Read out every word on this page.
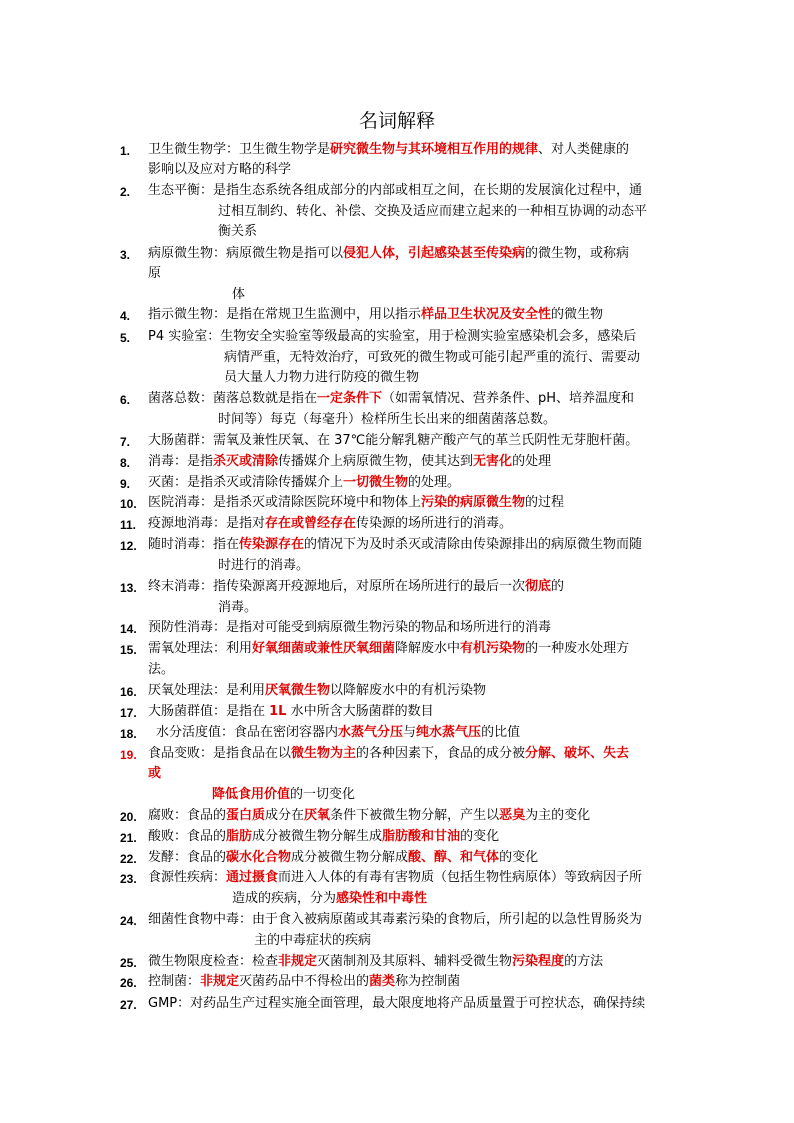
名词解释
1.	卫生微生物学：卫生微生物学是研究微生物与其环境相互作用的规律、对人类健康的
影响以及应对方略的科学
2.	生态平衡：是指生态系统各组成部分的内部或相互之间，在长期的发展演化过程中，通
过相互制约、转化、补偿、交换及适应而建立起来的一种相互协调的动态平
衡关系
3.	病原微生物：病原微生物是指可以侵犯人体，引起感染甚至传染病的微生物，或称病
原
体
4.	指示微生物：是指在常规卫生监测中，用以指示样品卫生状况及安全性的微生物
5.	P4 实验室：生物安全实验室等级最高的实验室，用于检测实验室感染机会多，感染后
病情严重，无特效治疗，可致死的微生物或可能引起严重的流行、需要动
员大量人力物力进行防疫的微生物
6.	菌落总数：菌落总数就是指在一定条件下（如需氧情况、营养条件、pH、培养温度和
时间等）每克（每毫升）检样所生长出来的细菌菌落总数。
7.	大肠菌群：需氧及兼性厌氧、在 37℃能分解乳糖产酸产气的革兰氏阴性无芽胞杆菌。
8.	消毒：是指杀灭或清除传播媒介上病原微生物，使其达到无害化的处理
9.	灭菌：是指杀灭或清除传播媒介上一切微生物的处理。
10. 医院消毒：是指杀灭或清除医院环境中和物体上污染的病原微生物的过程
11. 疫源地消毒：是指对存在或曾经存在传染源的场所进行的消毒。
12. 随时消毒：指在传染源存在的情况下为及时杀灭或清除由传染源排出的病原微生物而随
时进行的消毒。
13. 终末消毒：指传染源离开疫源地后，对原所在场所进行的最后一次彻底的
消毒。
14. 预防性消毒：是指对可能受到病原微生物污染的物品和场所进行的消毒
15. 需氧处理法：利用好氧细菌或兼性厌氧细菌降解废水中有机污染物的一种废水处理方
法。
16. 厌氧处理法：是利用厌氧微生物以降解废水中的有机污染物
17. 大肠菌群值：是指在 1L 水中所含大肠菌群的数目
18.	水分活度值：食品在密闭容器内水蒸气分压与纯水蒸气压的比值
19. 食品变败：是指食品在以微生物为主的各种因素下，食品的成分被分解、破坏、失去
或
降低食用价值的一切变化
20. 腐败：食品的蛋白质成分在厌氧条件下被微生物分解，产生以恶臭为主的变化
21. 酸败：食品的脂肪成分被微生物分解生成脂肪酸和甘油的变化
22. 发酵：食品的碳水化合物成分被微生物分解成酸、醇、和气体的变化
23. 食源性疾病：通过摄食而进入人体的有毒有害物质（包括生物性病原体）等致病因子所
造成的疾病，分为感染性和中毒性
24. 细菌性食物中毒：由于食入被病原菌或其毒素污染的食物后，所引起的以急性胃肠炎为
主的中毒症状的疾病
25. 微生物限度检查：检查非规定灭菌制剂及其原料、辅料受微生物污染程度的方法
26. 控制菌：非规定灭菌药品中不得检出的菌类称为控制菌
27. GMP：对药品生产过程实施全面管理，最大限度地将产品质量置于可控状态，确保持续
